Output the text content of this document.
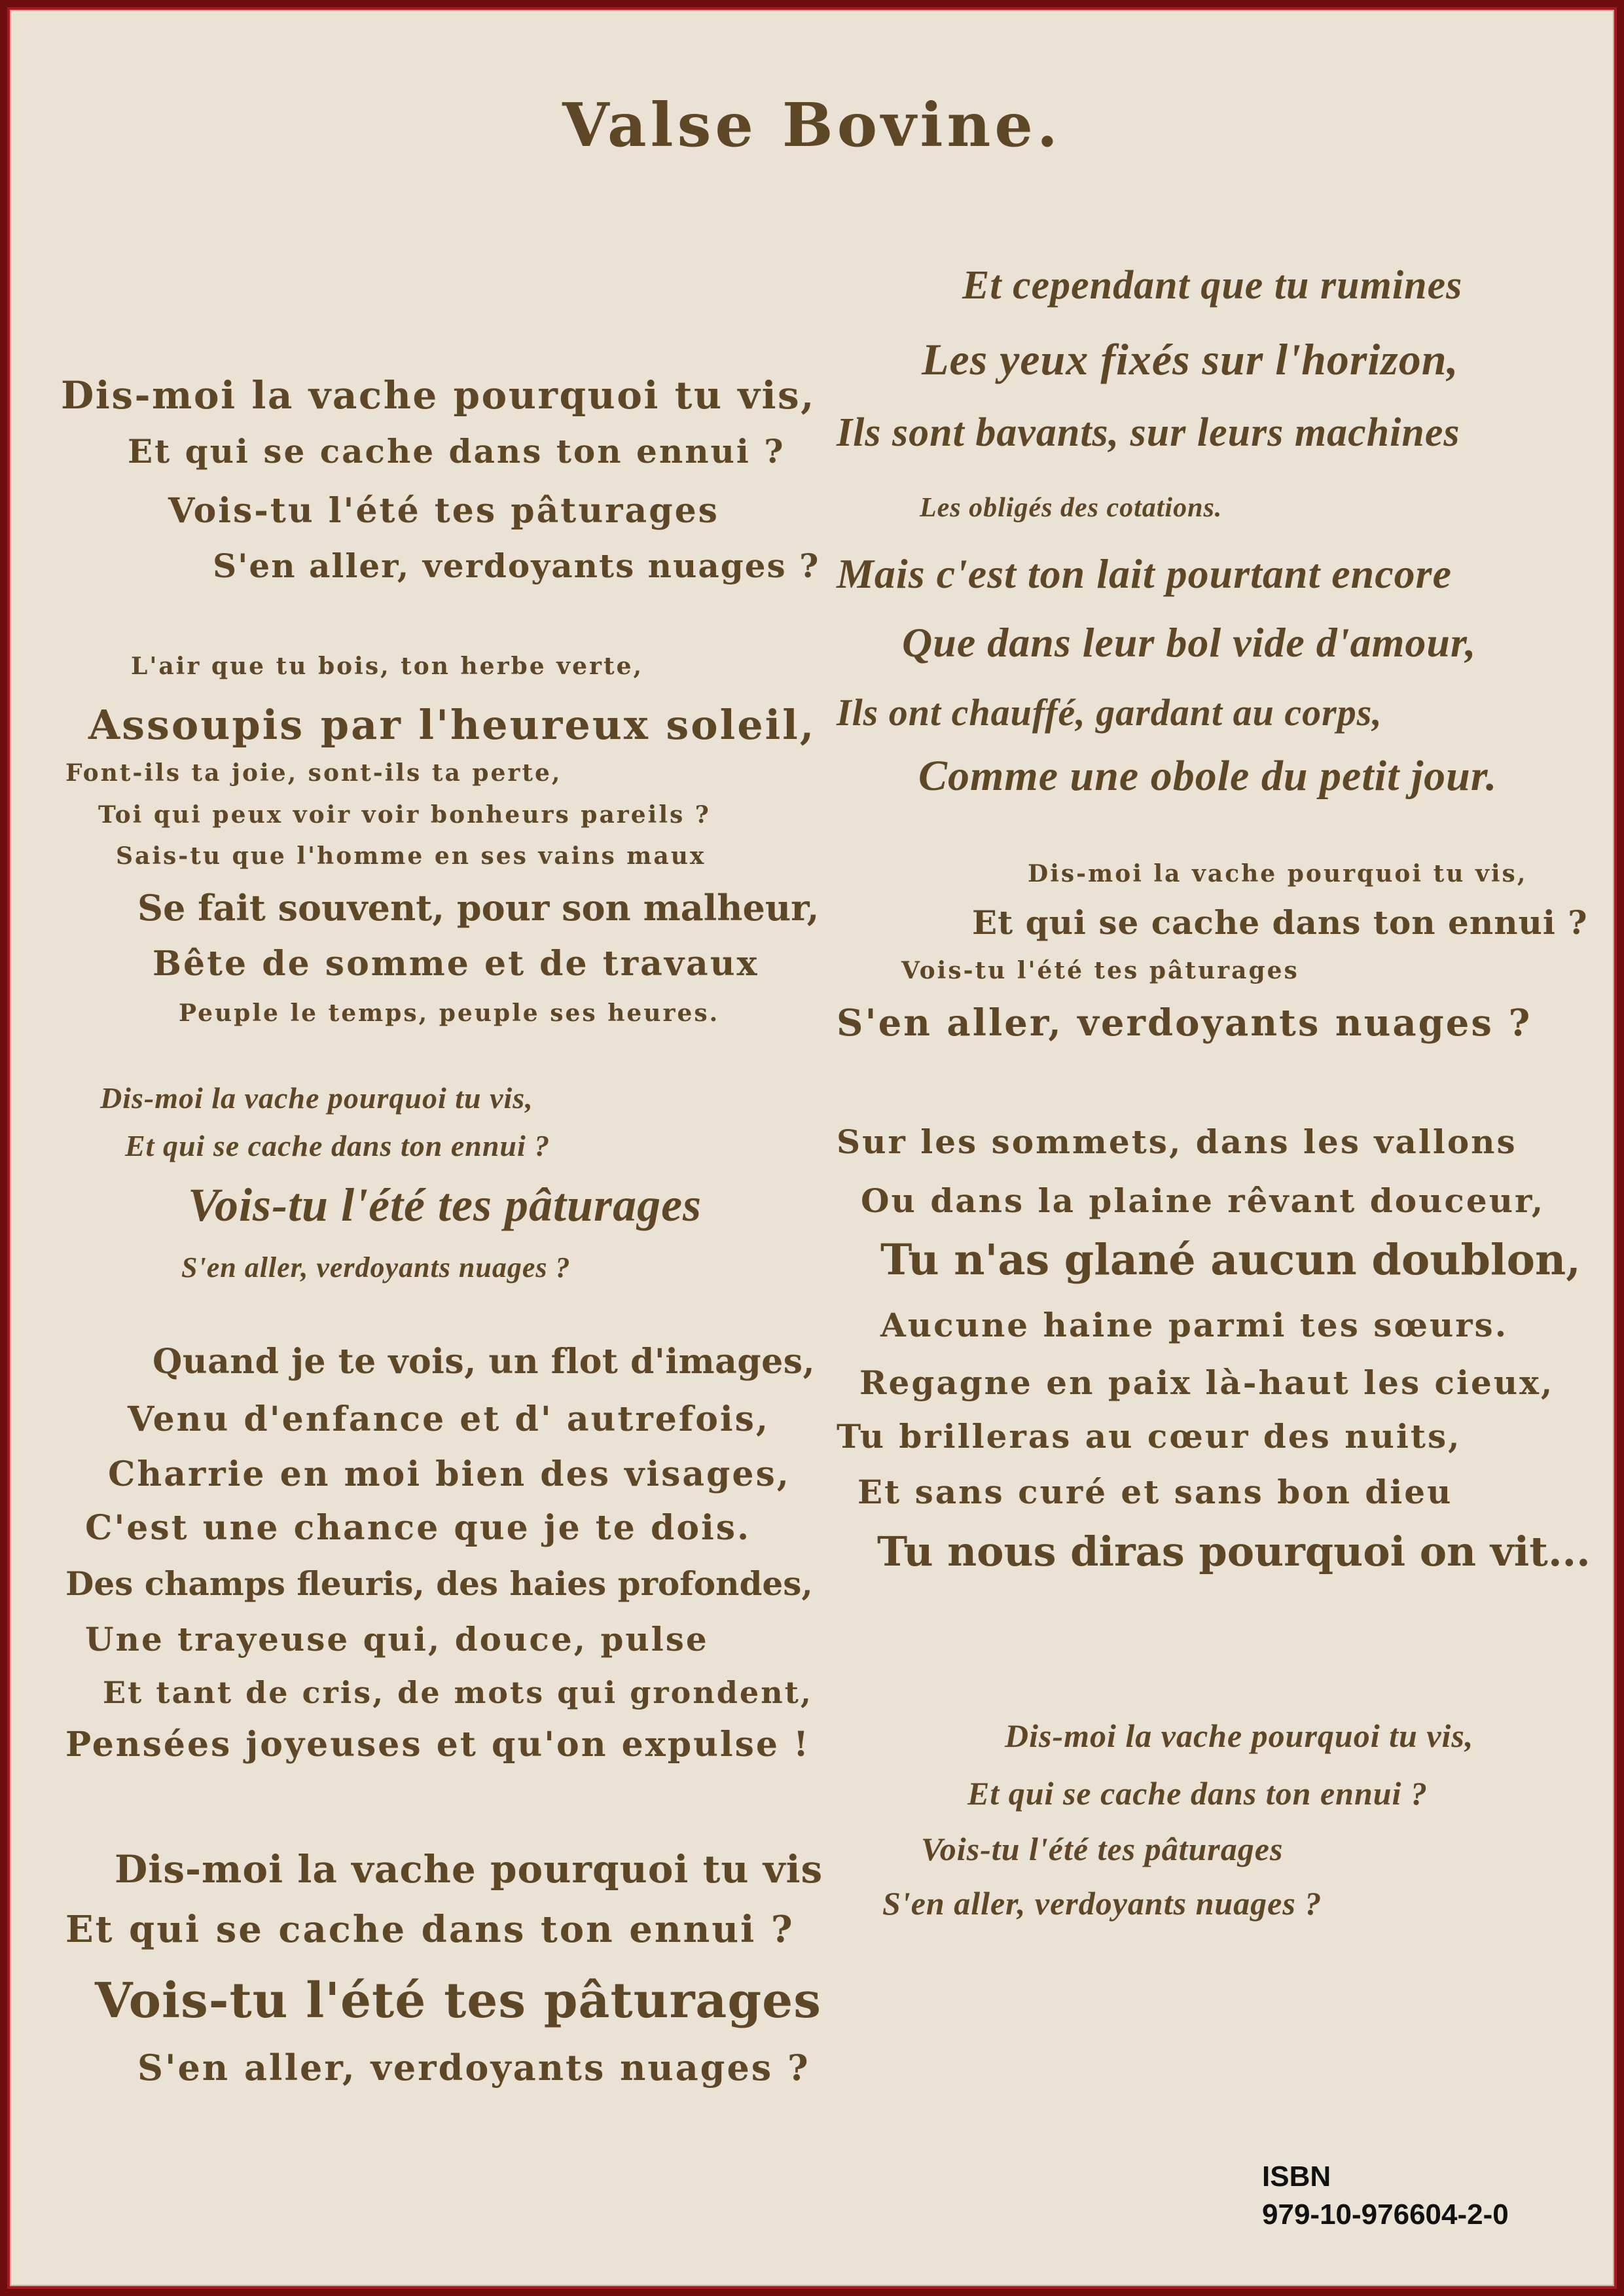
Valse Bovine.
Dis-moi la vache pourquoi tu vis,
Et qui se cache dans ton ennui ?
Vois-tu l'été tes pâturages
S'en aller, verdoyants nuages ?
L'air que tu bois, ton herbe verte,
Assoupis par l'heureux soleil,
Font-ils ta joie, sont-ils ta perte,
Toi qui peux voir voir bonheurs pareils ?
Sais-tu que l'homme en ses vains maux
Se fait souvent, pour son malheur,
Bête de somme et de travaux
Peuple le temps, peuple ses heures.
Dis-moi la vache pourquoi tu vis,
Et qui se cache dans ton ennui ?
Vois-tu l'été tes pâturages
S'en aller, verdoyants nuages ?
Quand je te vois, un flot d'images,
Venu d'enfance et d' autrefois,
Charrie en moi bien des visages,
C'est une chance que je te dois.
Des champs fleuris, des haies profondes,
Une trayeuse qui, douce, pulse
Et tant de cris, de mots qui grondent,
Pensées joyeuses et qu'on expulse !
Dis-moi la vache pourquoi tu vis
Et qui se cache dans ton ennui ?
Vois-tu l'été tes pâturages
S'en aller, verdoyants nuages ?
Et cependant que tu rumines
Les yeux fixés sur l'horizon,
Ils sont bavants, sur leurs machines
Les obligés des cotations.
Mais c'est ton lait pourtant encore
Que dans leur bol vide d'amour,
Ils ont chauffé, gardant au corps,
Comme une obole du petit jour.
Dis-moi la vache pourquoi tu vis,
Et qui se cache dans ton ennui ?
Vois-tu l'été tes pâturages
S'en aller, verdoyants nuages ?
Sur les sommets, dans les vallons
Ou dans la plaine rêvant douceur,
Tu n'as glané aucun doublon,
Aucune haine parmi tes sœurs.
Regagne en paix là-haut les cieux,
Tu brilleras au cœur des nuits,
Et sans curé et sans bon dieu
Tu nous diras pourquoi on vit...
Dis-moi la vache pourquoi tu vis,
Et qui se cache dans ton ennui ?
Vois-tu l'été tes pâturages
S'en aller, verdoyants nuages ?
ISBN
979-10-976604-2-0
